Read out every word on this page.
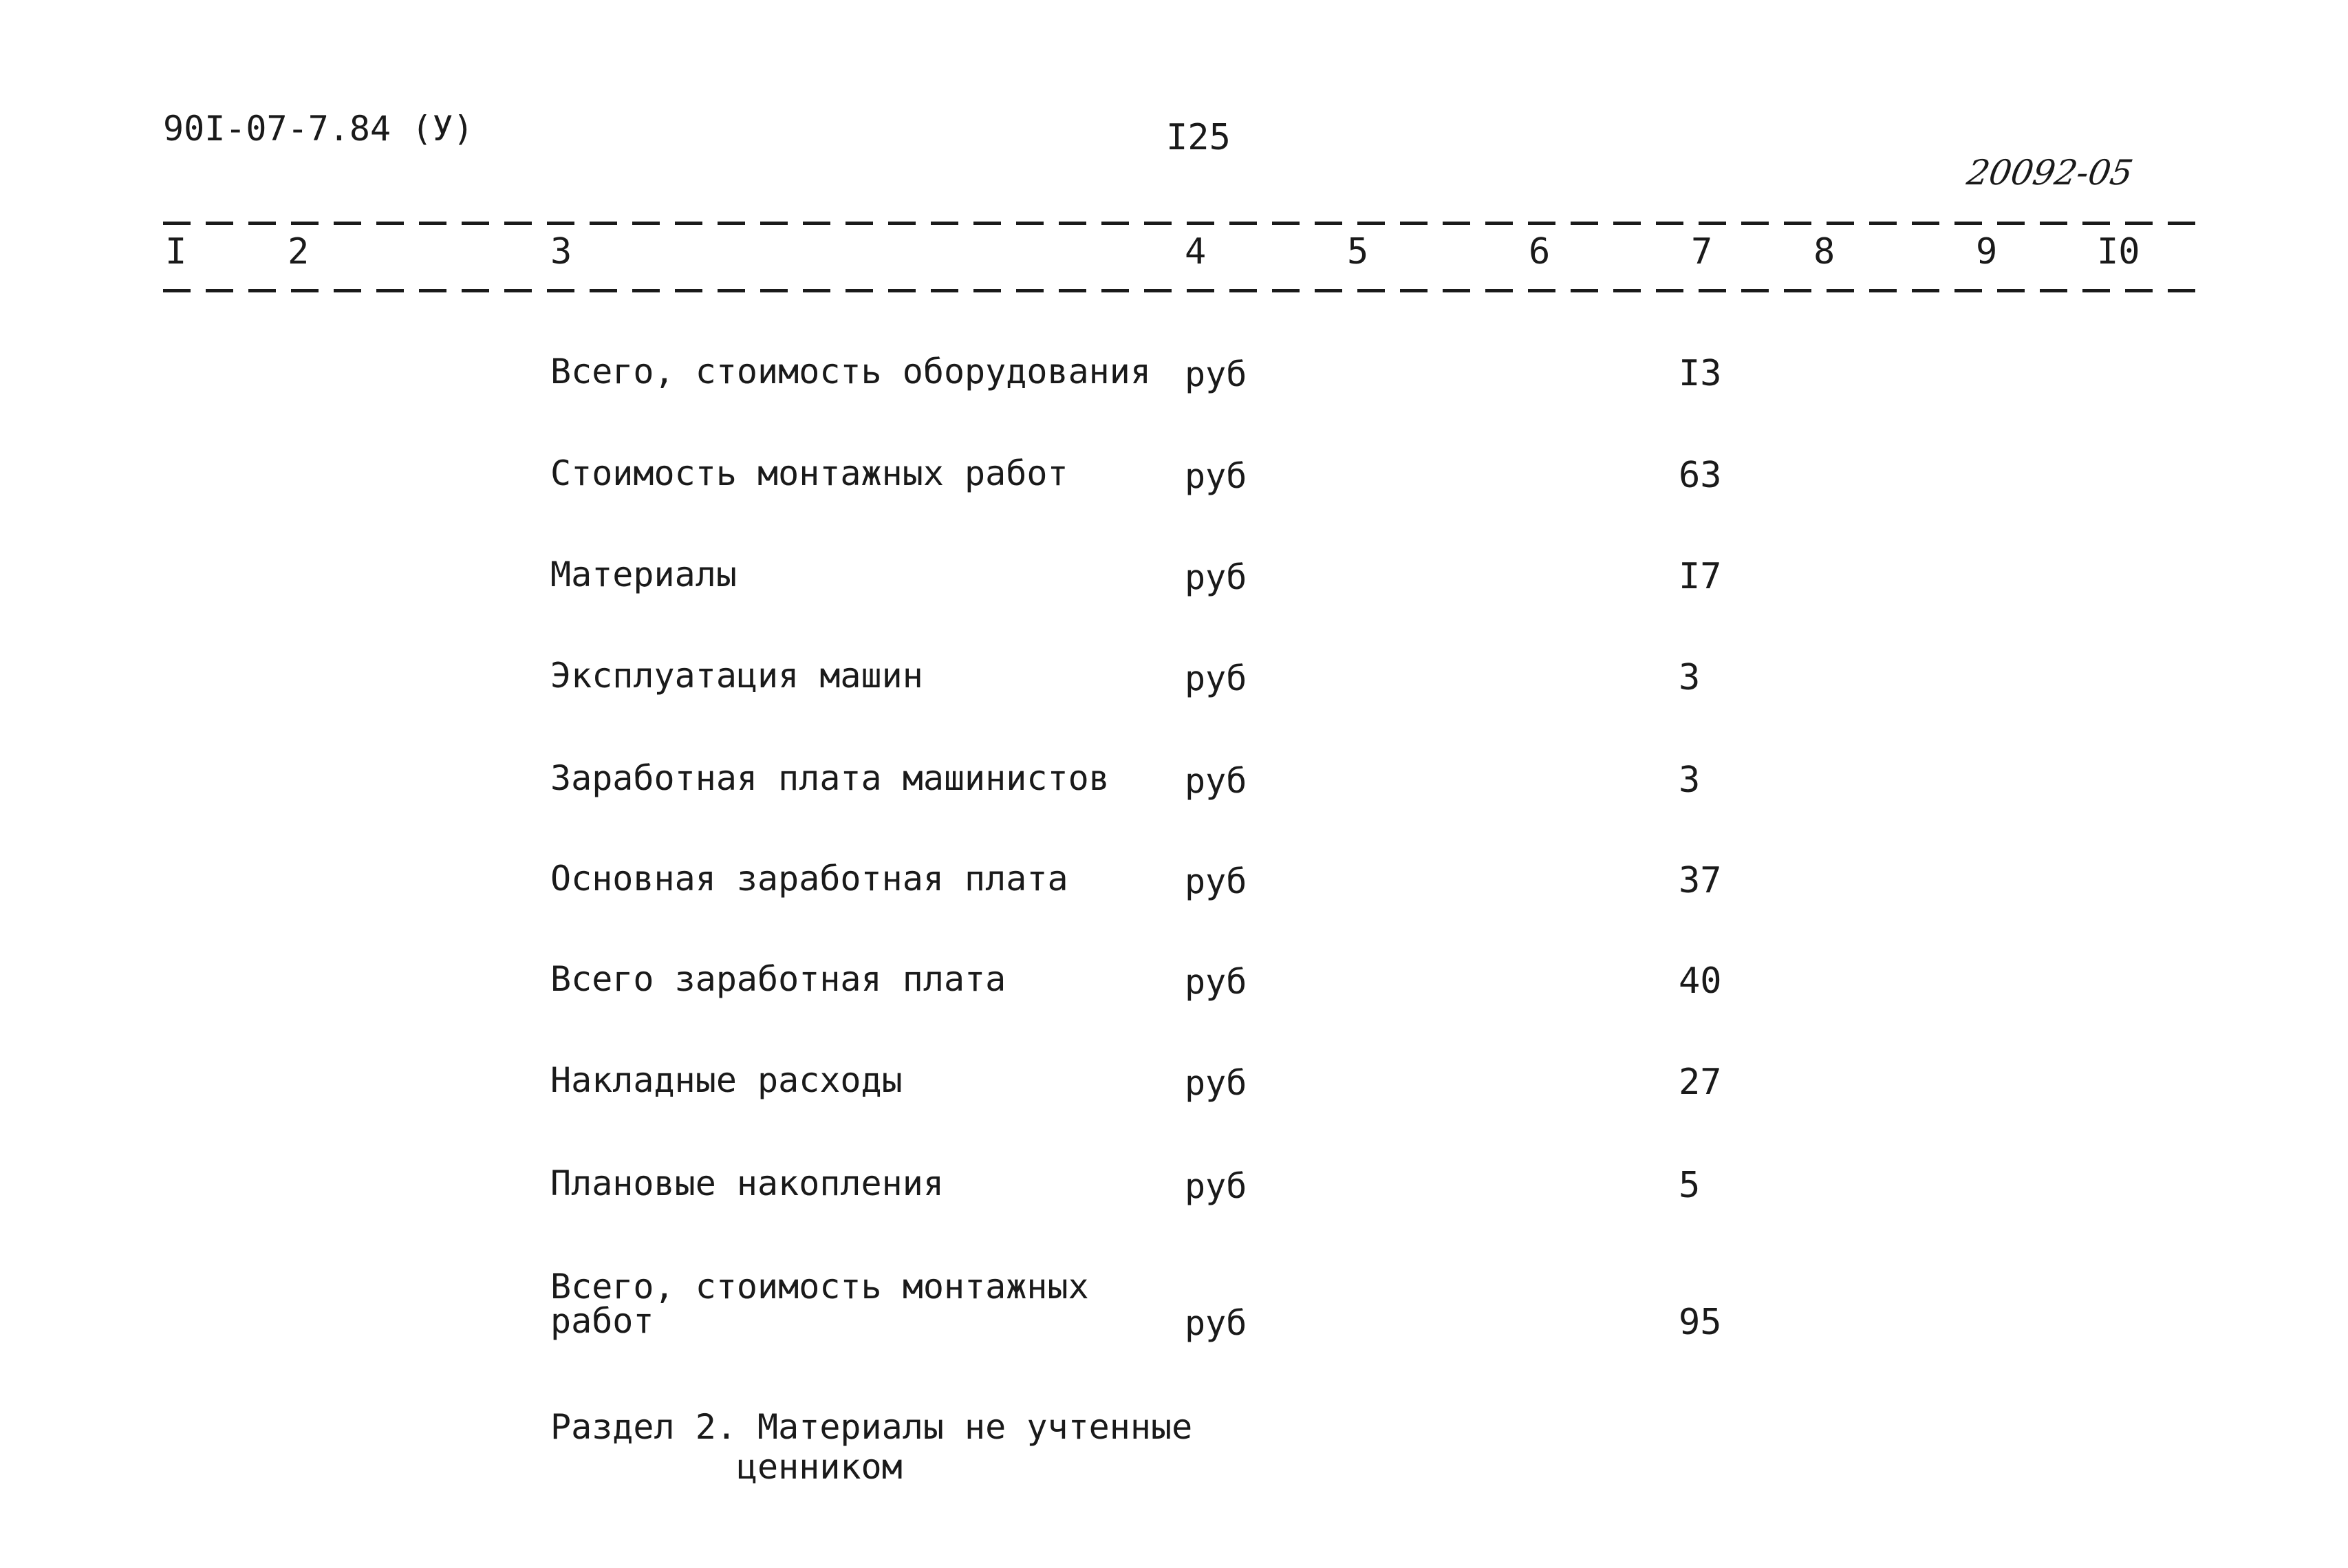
90I-07-7.84 (У)	I25
20092-05
I	2	3	4	5	6	7	8	9	I0
Всего, стоимость оборудования руб	I3
Стоимость монтажных работ	руб	63
Материалы	руб	I7
Эксплуатация машин	руб	3
Заработная плата машинистов руб	3
Основная заработная плата	руб	37
Всего заработная плата	руб	40
Накладные расходы	руб	27
Плановые накопления	руб	5
Всего, стоимость монтажных
работ	руб	95
Раздел 2. Материалы не учтенные
ценником
